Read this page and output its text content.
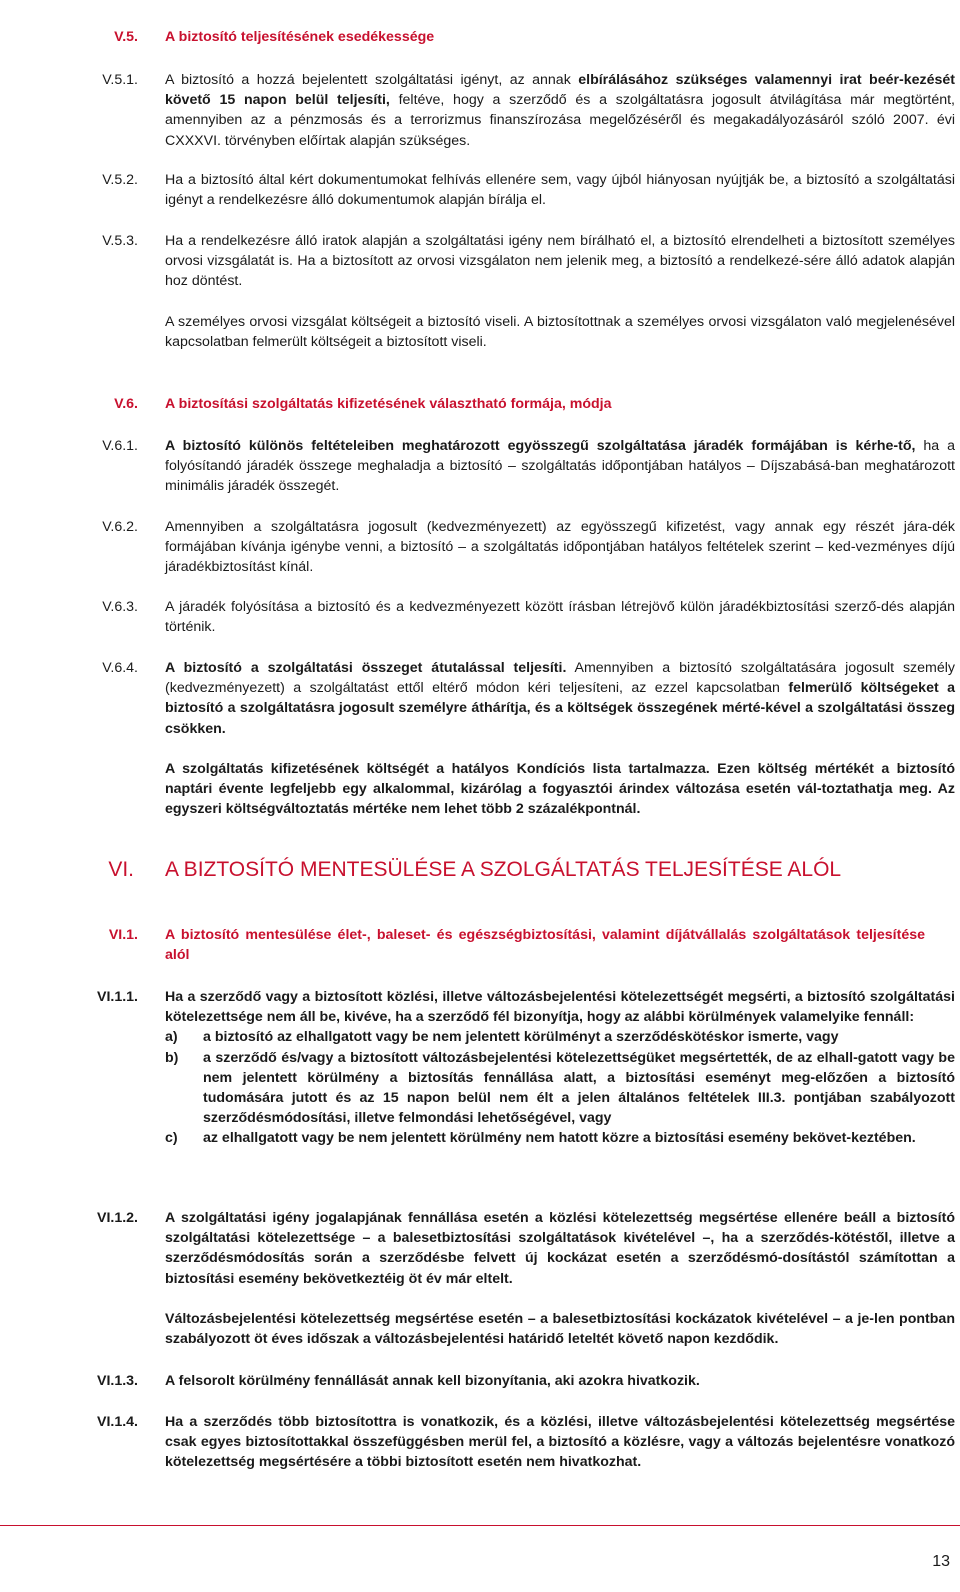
V.5. A biztosító teljesítésének esedékessége
V.5.1. A biztosító a hozzá bejelentett szolgáltatási igényt, az annak elbírálásához szükséges valamennyi irat beér-kezését követő 15 napon belül teljesíti, feltéve, hogy a szerződő és a szolgáltatásra jogosult átvilágítása már megtörtént, amennyiben az a pénzmosás és a terrorizmus finanszírozása megelőzéséről és megakadályozásáról szóló 2007. évi CXXXVI. törvényben előírtak alapján szükséges.

V.5.2. Ha a biztosító által kért dokumentumokat felhívás ellenére sem, vagy újból hiányosan nyújtják be, a biztosító a szolgáltatási igényt a rendelkezésre álló dokumentumok alapján bírálja el.

V.5.3. Ha a rendelkezésre álló iratok alapján a szolgáltatási igény nem bírálható el, a biztosító elrendelheti a biztosított személyes orvosi vizsgálatát is. Ha a biztosított az orvosi vizsgálaton nem jelenik meg, a biztosító a rendelkezé-sére álló adatok alapján hoz döntést.

A személyes orvosi vizsgálat költségeit a biztosító viseli. A biztosítottnak a személyes orvosi vizsgálaton való megjelenésével kapcsolatban felmerült költségeit a biztosított viseli.

V.6. A biztosítási szolgáltatás kifizetésének választható formája, módja
V.6.1. A biztosító különös feltételeiben meghatározott egyösszegű szolgáltatása járadék formájában is kérhe-tő, ha a folyósítandó járadék összege meghaladja a biztosító – szolgáltatás időpontjában hatályos – Díjszabásá-ban meghatározott minimális járadék összegét.

V.6.2. Amennyiben a szolgáltatásra jogosult (kedvezményezett) az egyösszegű kifizetést, vagy annak egy részét jára-dék formájában kívánja igénybe venni, a biztosító – a szolgáltatás időpontjában hatályos feltételek szerint – ked-vezményes díjú járadékbiztosítást kínál.

V.6.3. A járadék folyósítása a biztosító és a kedvezményezett között írásban létrejövő külön járadékbiztosítási szerző-dés alapján történik.

V.6.4. A biztosító a szolgáltatási összeget átutalással teljesíti. Amennyiben a biztosító szolgáltatására jogosult személy (kedvezményezett) a szolgáltatást ettől eltérő módon kéri teljesíteni, az ezzel kapcsolatban felmerülő költségeket a biztosító a szolgáltatásra jogosult személyre áthárítja, és a költségek összegének mérté-kével a szolgáltatási összeg csökken.

A szolgáltatás kifizetésének költségét a hatályos Kondíciós lista tartalmazza. Ezen költség mértékét a biztosító naptári évente legfeljebb egy alkalommal, kizárólag a fogyasztói árindex változása esetén vál-toztathatja meg. Az egyszeri költségváltoztatás mértéke nem lehet több 2 százalékpontnál.

VI. A BIZTOSÍTÓ MENTESÜLÉSE A SZOLGÁLTATÁS TELJESÍTÉSE ALÓL
VI.1. A biztosító mentesülése élet-, baleset- és egészségbiztosítási, valamint díjátvállalás szolgáltatások teljesítése alól

VI.1.1. Ha a szerződő vagy a biztosított közlési, illetve változásbejelentési kötelezettségét megsérti, a biztosító szolgáltatási kötelezettsége nem áll be, kivéve, ha a szerződő fél bizonyítja, hogy az alábbi körülmények valamelyike fennáll:

a) a biztosító az elhallgatott vagy be nem jelentett körülményt a szerződéskötéskor ismerte, vagy

b) a szerződő és/vagy a biztosított változásbejelentési kötelezettségüket megsértették, de az elhall-gatott vagy be nem jelentett körülmény a biztosítás fennállása alatt, a biztosítási eseményt meg-előzően a biztosító tudomására jutott és az 15 napon belül nem élt a jelen általános feltételek III.3. pontjában szabályozott szerződésmódosítási, illetve felmondási lehetőségével, vagy

c) az elhallgatott vagy be nem jelentett körülmény nem hatott közre a biztosítási esemény bekövet-keztében.

VI.1.2. A szolgáltatási igény jogalapjának fennállása esetén a közlési kötelezettség megsértése ellenére beáll a biztosító szolgáltatási kötelezettsége – a balesetbiztosítási szolgáltatások kivételével –, ha a szerződés-kötéstől, illetve a szerződésmódosítás során a szerződésbe felvett új kockázat esetén a szerződésmó-dosítástól számítottan a biztosítási esemény bekövetkeztéig öt év már eltelt.

Változásbejelentési kötelezettség megsértése esetén – a balesetbiztosítási kockázatok kivételével – a je-len pontban szabályozott öt éves időszak a változásbejelentési határidő leteltét követő napon kezdődik.

VI.1.3. A felsorolt körülmény fennállását annak kell bizonyítania, aki azokra hivatkozik.

VI.1.4. Ha a szerződés több biztosítottra is vonatkozik, és a közlési, illetve változásbejelentési kötelezettség megsértése csak egyes biztosítottakkal összefüggésben merül fel, a biztosító a közlésre, vagy a változás bejelentésre vonatkozó kötelezettség megsértésére a többi biztosított esetén nem hivatkozhat.

13
